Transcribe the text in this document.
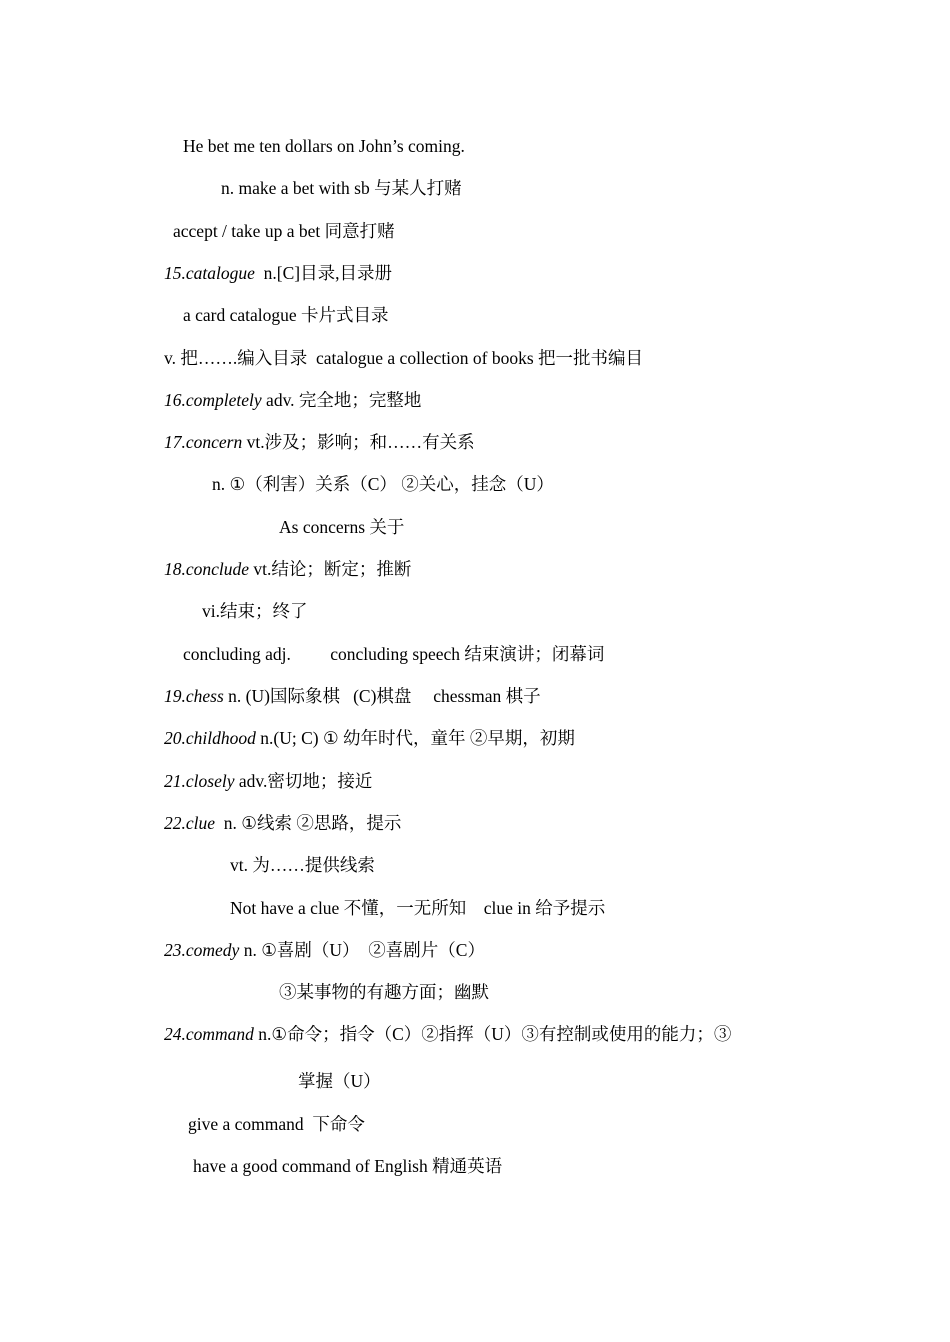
He bet me ten dollars on John’s coming.
n. make a bet with sb 与某人打赌
accept / take up a bet 同意打赌
15.catalogue  n.[C]目录,目录册
a card catalogue 卡片式目录
v. 把…….编入目录  catalogue a collection of books 把一批书编目
16.completely adv. 完全地；完整地
17.concern vt.涉及；影响；和……有关系
n. ①（利害）关系（C） ②关心，挂念（U）
As concerns 关于
18.conclude vt.结论；断定；推断
vi.结束；终了
concluding adj.         concluding speech 结束演讲；闭幕词
19.chess n. (U)国际象棋   (C)棋盘     chessman 棋子
20.childhood n.(U; C) ① 幼年时代，童年 ②早期，初期
21.closely adv.密切地；接近
22.clue  n. ①线索 ②思路，提示
vt. 为……提供线索
Not have a clue 不懂，一无所知    clue in 给予提示
23.comedy n. ①喜剧（U）  ②喜剧片（C）
③某事物的有趣方面；幽默
24.command n.①命令；指令（C）②指挥（U）③有控制或使用的能力；③
掌握（U）
give a command  下命令
have a good command of English 精通英语
